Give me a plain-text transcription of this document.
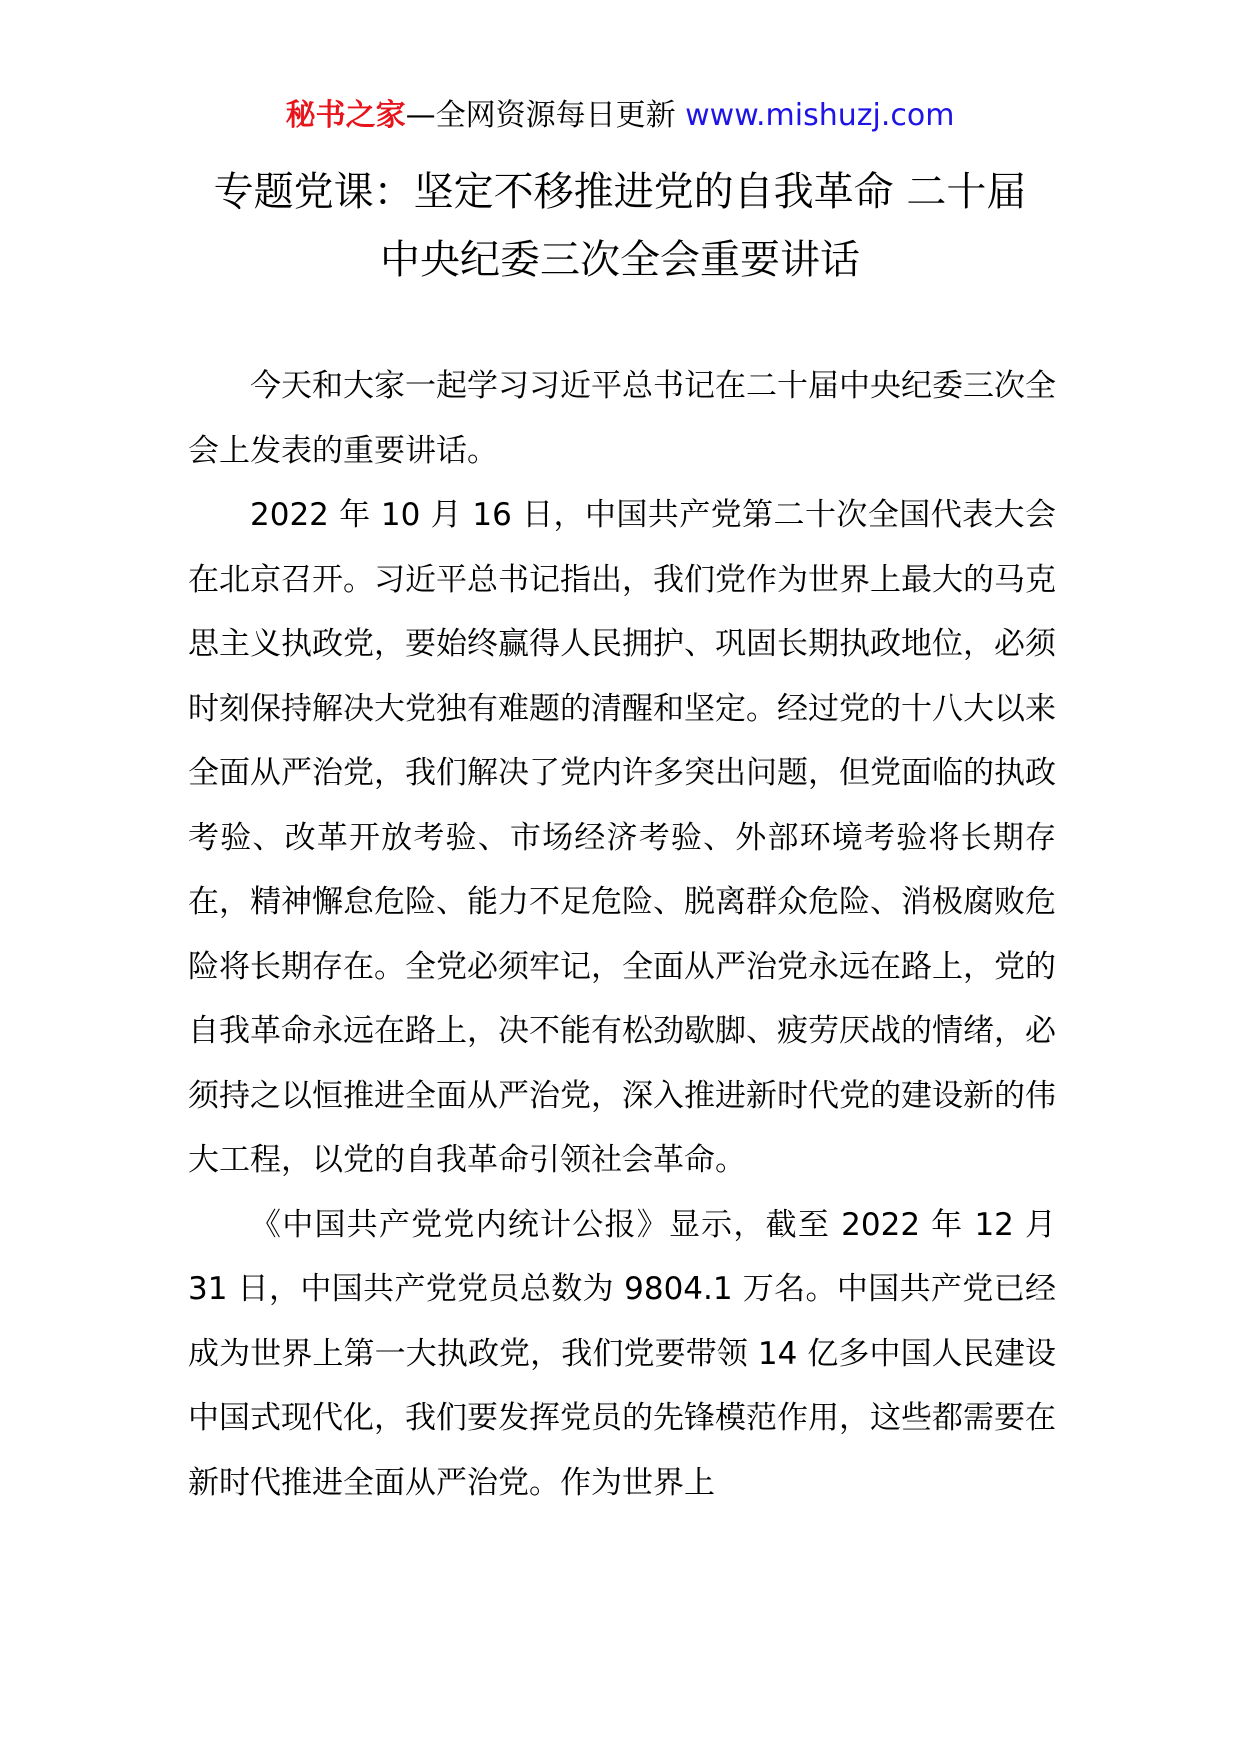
秘书之家—全网资源每日更新 www.mishuzj.com
专题党课：坚定不移推进党的自我革命 二十届
中央纪委三次全会重要讲话

今天和大家一起学习习近平总书记在二十届中央纪委三次全会上发表的重要讲话。

2022 年 10 月 16 日，中国共产党第二十次全国代表大会在北京召开。习近平总书记指出，我们党作为世界上最大的马克思主义执政党，要始终赢得人民拥护、巩固长期执政地位，必须时刻保持解决大党独有难题的清醒和坚定。经过党的十八大以来全面从严治党，我们解决了党内许多突出问题，但党面临的执政考验、改革开放考验、市场经济考验、外部环境考验将长期存在，精神懈怠危险、能力不足危险、脱离群众危险、消极腐败危险将长期存在。全党必须牢记，全面从严治党永远在路上，党的自我革命永远在路上，决不能有松劲歇脚、疲劳厌战的情绪，必须持之以恒推进全面从严治党，深入推进新时代党的建设新的伟大工程，以党的自我革命引领社会革命。

《中国共产党党内统计公报》显示，截至 2022 年 12 月 31 日，中国共产党党员总数为 9804.1 万名。中国共产党已经成为世界上第一大执政党，我们党要带领 14 亿多中国人民建设中国式现代化，我们要发挥党员的先锋模范作用，这些都需要在新时代推进全面从严治党。作为世界上
